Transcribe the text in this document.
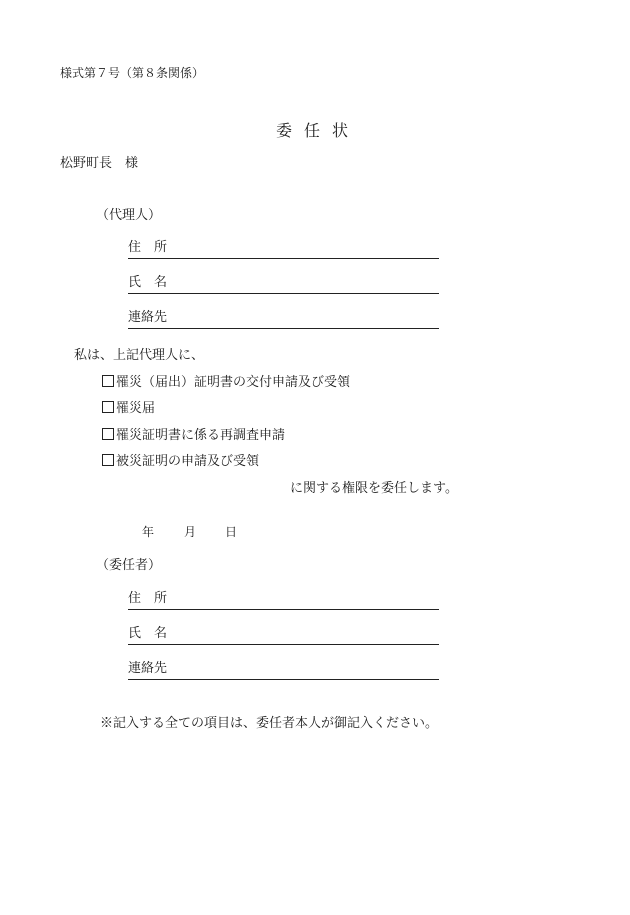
様式第７号（第８条関係）
委 任 状
松野町長　様
（代理人）
住　所
氏　名
連絡先
私は、上記代理人に、
罹災（届出）証明書の交付申請及び受領
罹災届
罹災証明書に係る再調査申請
被災証明の申請及び受領
に関する権限を委任します。
年 月 日
（委任者）
住　所
氏　名
連絡先
※記入する全ての項目は、委任者本人が御記入ください。
